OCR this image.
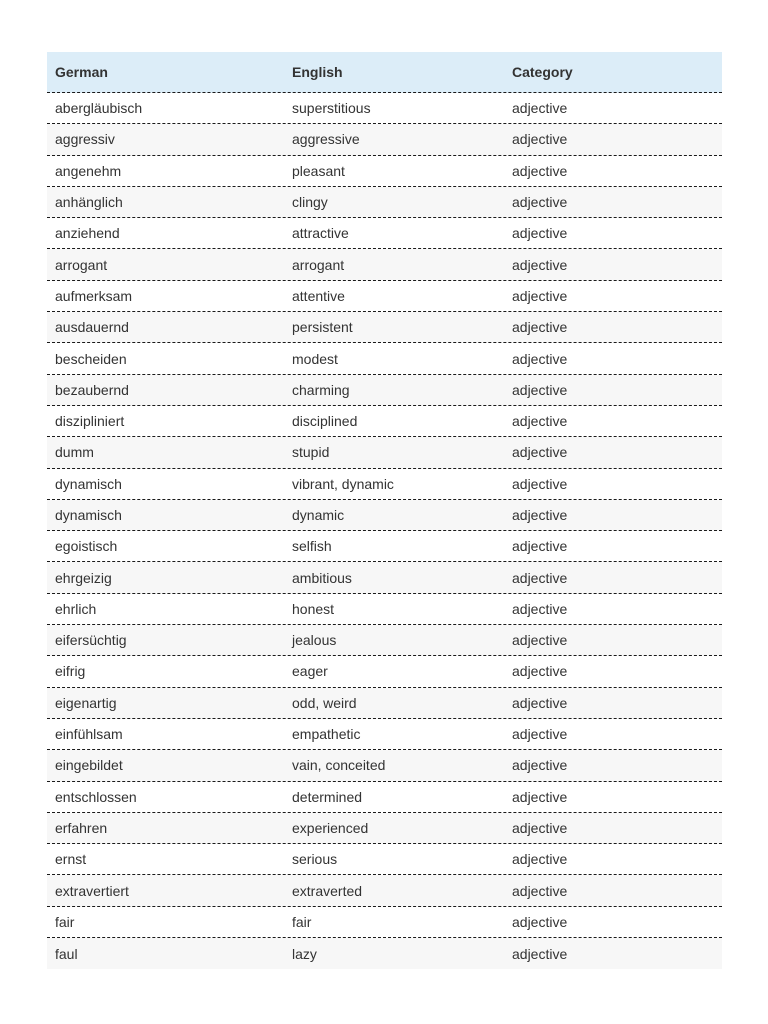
German	English	Category
abergläubisch	superstitious	adjective
aggressiv	aggressive	adjective
angenehm	pleasant	adjective
anhänglich	clingy	adjective
anziehend	attractive	adjective
arrogant	arrogant	adjective
aufmerksam	attentive	adjective
ausdauernd	persistent	adjective
bescheiden	modest	adjective
bezaubernd	charming	adjective
diszipliniert	disciplined	adjective
dumm	stupid	adjective
dynamisch	vibrant, dynamic	adjective
dynamisch	dynamic	adjective
egoistisch	selfish	adjective
ehrgeizig	ambitious	adjective
ehrlich	honest	adjective
eifersüchtig	jealous	adjective
eifrig	eager	adjective
eigenartig	odd, weird	adjective
einfühlsam	empathetic	adjective
eingebildet	vain, conceited	adjective
entschlossen	determined	adjective
erfahren	experienced	adjective
ernst	serious	adjective
extravertiert	extraverted	adjective
fair	fair	adjective
faul	lazy	adjective
